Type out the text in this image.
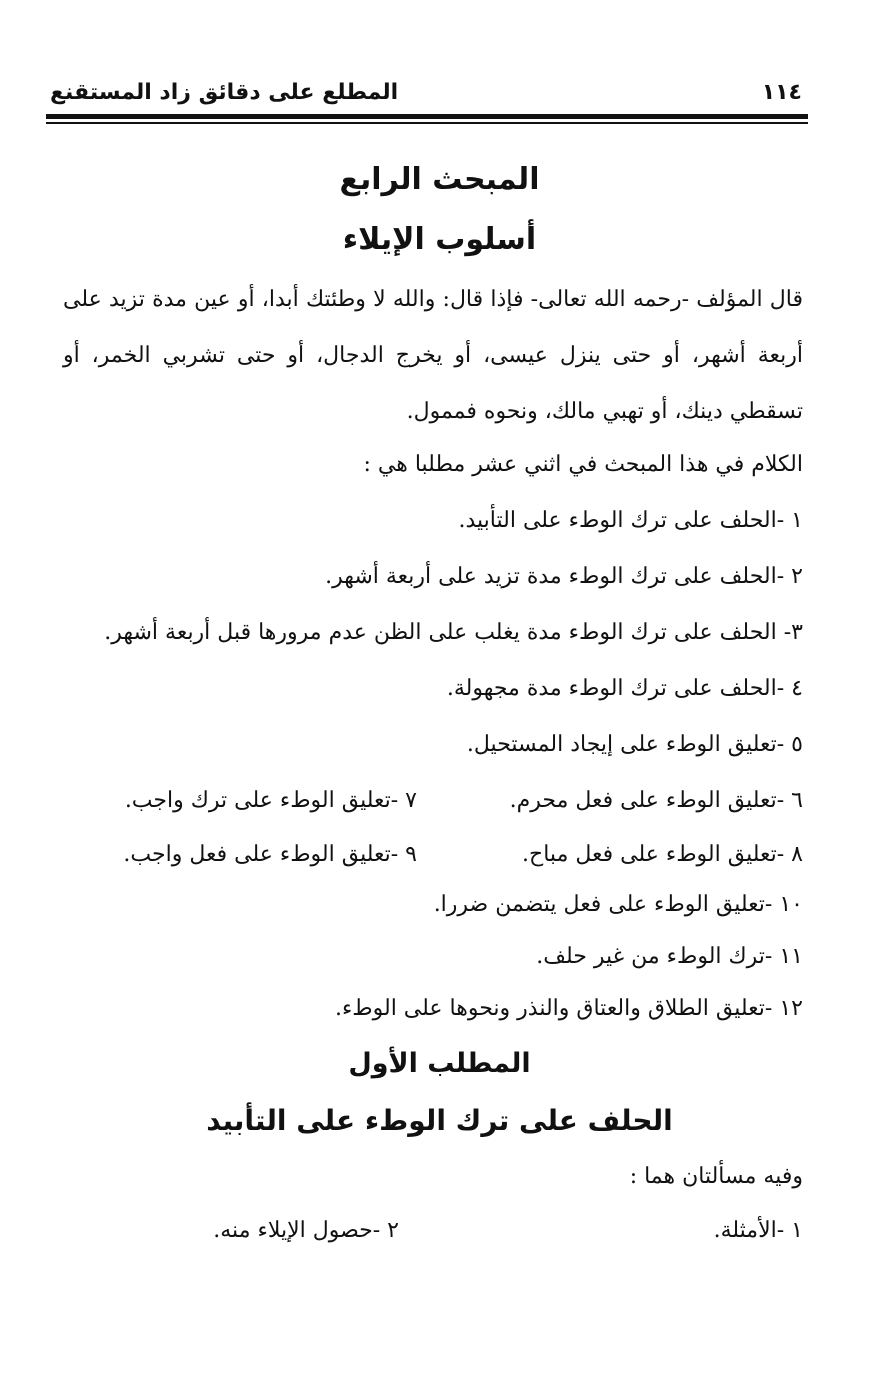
١١٤
المطلع على دقائق زاد المستقنع
المبحث الرابع
أسلوب الإيلاء
قال المؤلف -رحمه الله تعالى- فإذا قال: والله لا وطئتك أبدا، أو عين مدة تزيد على أربعة أشهر، أو حتى ينزل عيسى، أو يخرج الدجال، أو حتى تشربي الخمر، أو تسقطي دينك، أو تهبي مالك، ونحوه فممول.
الكلام في هذا المبحث في اثني عشر مطلبا هي :
١ -الحلف على ترك الوطء على التأبيد.
٢ -الحلف على ترك الوطء مدة تزيد على أربعة أشهر.
٣- الحلف على ترك الوطء مدة يغلب على الظن عدم مرورها قبل أربعة أشهر.
٤ -الحلف على ترك الوطء مدة مجهولة.
٥ -تعليق الوطء على إيجاد المستحيل.
٦ -تعليق الوطء على فعل محرم.
٧ -تعليق الوطء على ترك واجب.
٨ -تعليق الوطء على فعل مباح.
٩ -تعليق الوطء على فعل واجب.
١٠ -تعليق الوطء على فعل يتضمن ضررا.
١١ -ترك الوطء من غير حلف.
١٢ -تعليق الطلاق والعتاق والنذر ونحوها على الوطء.
المطلب الأول
الحلف على ترك الوطء على التأبيد
وفيه مسألتان هما :
١ -الأمثلة.
٢ -حصول الإيلاء منه.
